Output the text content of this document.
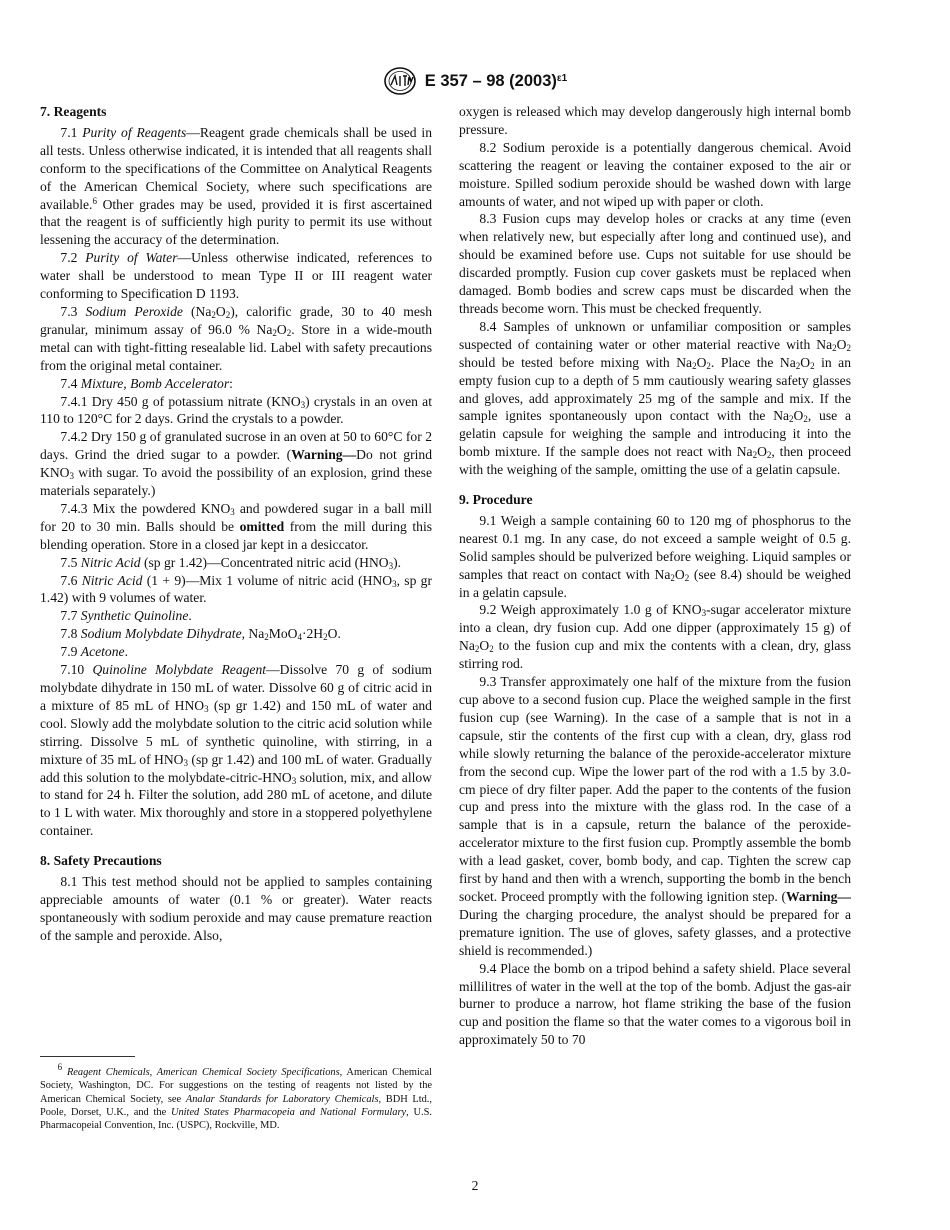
E 357 – 98 $(2003)^{\varepsilon 1}$
7. Reagents

7.1 Purity of Reagents—Reagent grade chemicals shall be used in all tests. Unless otherwise indicated, it is intended that all reagents shall conform to the specifications of the Committee on Analytical Reagents of the American Chemical Society, where such specifications are available.$^6$ Other grades may be used, provided it is first ascertained that the reagent is of sufficiently high purity to permit its use without lessening the accuracy of the determination.

7.2 Purity of Water—Unless otherwise indicated, references to water shall be understood to mean Type II or III reagent water conforming to Specification D 1193.

7.3 Sodium Peroxide $(Na_2O_2)$, calorific grade, 30 to 40 mesh granular, minimum assay of 96.0 % $Na_2O_2$. Store in a wide-mouth metal can with tight-fitting resealable lid. Label with safety precautions from the original metal container.

7.4 Mixture, Bomb Accelerator:

7.4.1 Dry 450 g of potassium nitrate $(KNO_3)$ crystals in an oven at 110 to 120°C for 2 days. Grind the crystals to a powder.

7.4.2 Dry 150 g of granulated sucrose in an oven at 50 to 60°C for 2 days. Grind the dried sugar to a powder. (Warning—Do not grind $KNO_3$ with sugar. To avoid the possibility of an explosion, grind these materials separately.)

7.4.3 Mix the powdered $KNO_3$ and powdered sugar in a ball mill for 20 to 30 min. Balls should be omitted from the mill during this blending operation. Store in a closed jar kept in a desiccator.

7.5 Nitric Acid (sp gr 1.42)—Concentrated nitric acid $(HNO_3)$.

7.6 Nitric Acid (1 + 9)—Mix 1 volume of nitric acid ($HNO_3$, sp gr 1.42) with 9 volumes of water.

7.7 Synthetic Quinoline.

7.8 Sodium Molybdate Dihydrate, $Na_2MoO_4\cdot 2H_2O$.

7.9 Acetone.

7.10 Quinoline Molybdate Reagent—Dissolve 70 g of sodium molybdate dihydrate in 150 mL of water. Dissolve 60 g of citric acid in a mixture of 85 mL of $HNO_3$ (sp gr 1.42) and 150 mL of water and cool. Slowly add the molybdate solution to the citric acid solution while stirring. Dissolve 5 mL of synthetic quinoline, with stirring, in a mixture of 35 mL of $HNO_3$ (sp gr 1.42) and 100 mL of water. Gradually add this solution to the molybdate-$citric-HNO_3$ solution, mix, and allow to stand for 24 h. Filter the solution, add 280 mL of acetone, and dilute to 1 L with water. Mix thoroughly and store in a stoppered polyethylene container.

8. Safety Precautions

8.1 This test method should not be applied to samples containing appreciable amounts of water (0.1 % or greater). Water reacts spontaneously with sodium peroxide and may cause premature reaction of the sample and peroxide. Also,

$^6$ Reagent Chemicals, American Chemical Society Specifications, American Chemical Society, Washington, DC. For suggestions on the testing of reagents not listed by the American Chemical Society, see Analar Standards for Laboratory Chemicals, BDH Ltd., Poole, Dorset, U.K., and the United States Pharmacopeia and National Formulary, U.S. Pharmacopeial Convention, Inc. (USPC), Rockville, MD.

oxygen is released which may develop dangerously high internal bomb pressure.

8.2 Sodium peroxide is a potentially dangerous chemical. Avoid scattering the reagent or leaving the container exposed to the air or moisture. Spilled sodium peroxide should be washed down with large amounts of water, and not wiped up with paper or cloth.

8.3 Fusion cups may develop holes or cracks at any time (even when relatively new, but especially after long and continued use), and should be examined before use. Cups not suitable for use should be discarded promptly. Fusion cup cover gaskets must be replaced when damaged. Bomb bodies and screw caps must be discarded when the threads become worn. This must be checked frequently.

8.4 Samples of unknown or unfamiliar composition or samples suspected of containing water or other material reactive with $Na_2O_2$ should be tested before mixing with $Na_2O_2$. Place the $Na_2O_2$ in an empty fusion cup to a depth of 5 mm cautiously wearing safety glasses and gloves, add approximately 25 mg of the sample and mix. If the sample ignites spontaneously upon contact with the $Na_2O_2$, use a gelatin capsule for weighing the sample and introducing it into the bomb mixture. If the sample does not react with $Na_2O_2$, then proceed with the weighing of the sample, omitting the use of a gelatin capsule.

9. Procedure

9.1 Weigh a sample containing 60 to 120 mg of phosphorus to the nearest 0.1 mg. In any case, do not exceed a sample weight of 0.5 g. Solid samples should be pulverized before weighing. Liquid samples or samples that react on contact with $Na_2O_2$ (see 8.4) should be weighed in a gelatin capsule.

9.2 Weigh approximately 1.0 g of $KNO_3$-sugar accelerator mixture into a clean, dry fusion cup. Add one dipper (approximately 15 g) of $Na_2O_2$ to the fusion cup and mix the contents with a clean, dry, glass stirring rod.

9.3 Transfer approximately one half of the mixture from the fusion cup above to a second fusion cup. Place the weighed sample in the first fusion cup (see Warning). In the case of a sample that is not in a capsule, stir the contents of the first cup with a clean, dry, glass rod while slowly returning the balance of the peroxide-accelerator mixture from the second cup. Wipe the lower part of the rod with a 1.5 by 3.0-cm piece of dry filter paper. Add the paper to the contents of the fusion cup and press into the mixture with the glass rod. In the case of a sample that is in a capsule, return the balance of the peroxide-accelerator mixture to the first fusion cup. Promptly assemble the bomb with a lead gasket, cover, bomb body, and cap. Tighten the screw cap first by hand and then with a wrench, supporting the bomb in the bench socket. Proceed promptly with the following ignition step. (Warning—During the charging procedure, the analyst should be prepared for a premature ignition. The use of gloves, safety glasses, and a protective shield is recommended.)

9.4 Place the bomb on a tripod behind a safety shield. Place several millilitres of water in the well at the top of the bomb. Adjust the gas-air burner to produce a narrow, hot flame striking the base of the fusion cup and position the flame so that the water comes to a vigorous boil in approximately 50 to 70

2
